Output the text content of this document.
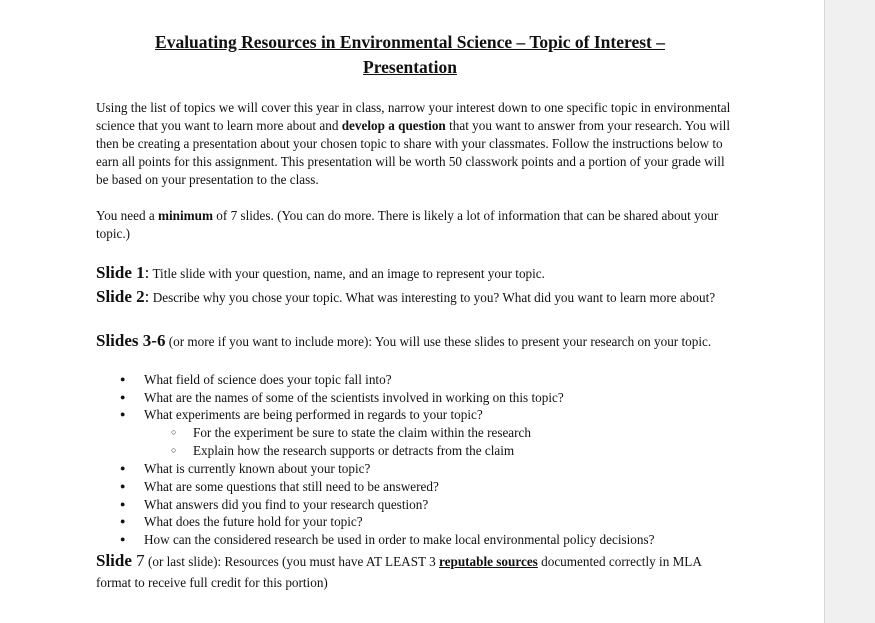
Evaluating Resources in Environmental Science – Topic of Interest –

Presentation

Using the list of topics we will cover this year in class, narrow your interest down to one specific topic in environmental science that you want to learn more about and develop a question that you want to answer from your research. You will then be creating a presentation about your chosen topic to share with your classmates. Follow the instructions below to earn all points for this assignment. This presentation will be worth 50 classwork points and a portion of your grade will be based on your presentation to the class.

You need a minimum of 7 slides. (You can do more. There is likely a lot of information that can be shared about your topic.)

Slide 1: Title slide with your question, name, and an image to represent your topic.

Slide 2: Describe why you chose your topic. What was interesting to you? What did you want to learn more about?

Slides 3-6 (or more if you want to include more): You will use these slides to present your research on your topic.

● What field of science does your topic fall into?
● What are the names of some of the scientists involved in working on this topic?
● What experiments are being performed in regards to your topic?
○ For the experiment be sure to state the claim within the research
○ Explain how the research supports or detracts from the claim
● What is currently known about your topic?
● What are some questions that still need to be answered?
● What answers did you find to your research question?
● What does the future hold for your topic?
● How can the considered research be used in order to make local environmental policy decisions?

Slide 7 (or last slide): Resources (you must have AT LEAST 3 reputable sources documented correctly in MLA format to receive full credit for this portion)
